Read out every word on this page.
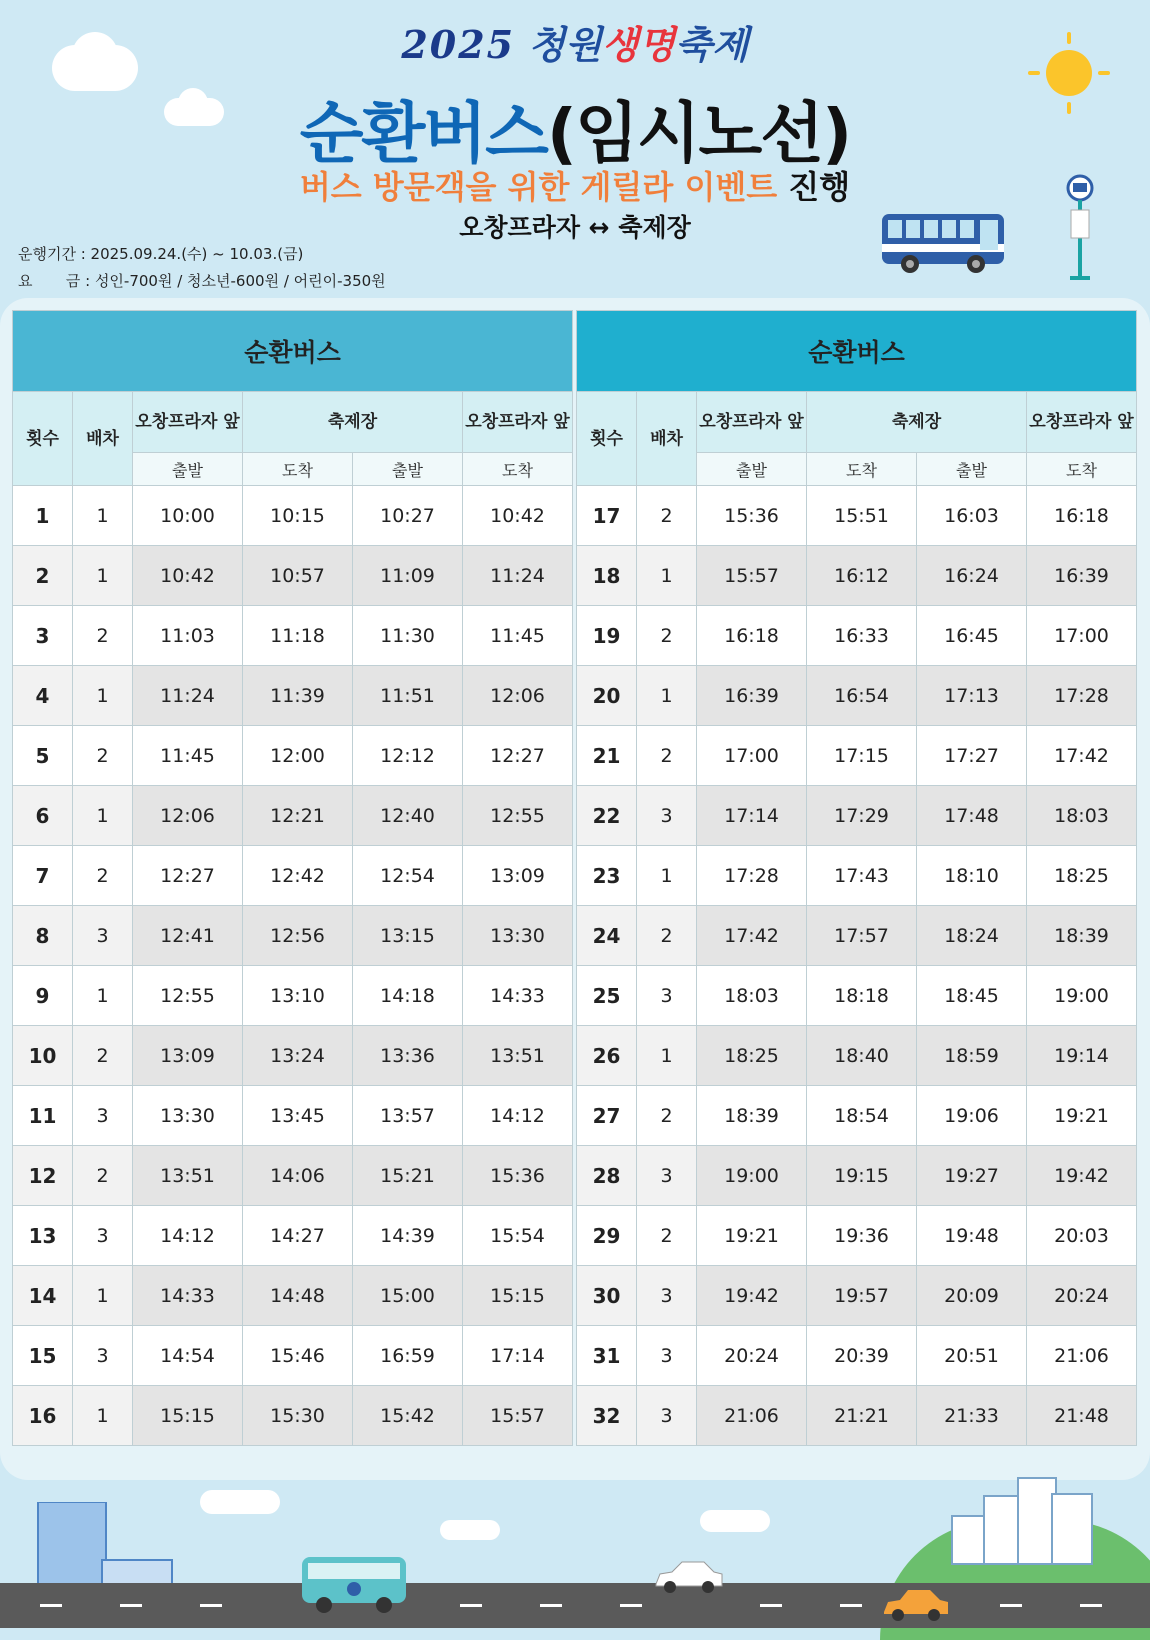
2025 청원생명축제
순환버스(임시노선)
버스 방문객을 위한 게릴라 이벤트 진행
오창프라자 ↔ 축제장
운행기간 : 2025.09.24.(수) ~ 10.03.(금)
요       금 : 성인-700원 / 청소년-600원 / 어린이-350원
순환버스					
횟수	배차	오창프라자 앞	축제장		오창프라자 앞
		출발	도착	출발	도착
1	1	10:00	10:15	10:27	10:42
2	1	10:42	10:57	11:09	11:24
3	2	11:03	11:18	11:30	11:45
4	1	11:24	11:39	11:51	12:06
5	2	11:45	12:00	12:12	12:27
6	1	12:06	12:21	12:40	12:55
7	2	12:27	12:42	12:54	13:09
8	3	12:41	12:56	13:15	13:30
9	1	12:55	13:10	14:18	14:33
10	2	13:09	13:24	13:36	13:51
11	3	13:30	13:45	13:57	14:12
12	2	13:51	14:06	15:21	15:36
13	3	14:12	14:27	14:39	15:54
14	1	14:33	14:48	15:00	15:15
15	3	14:54	15:46	16:59	17:14
16	1	15:15	15:30	15:42	15:57
순환버스					
횟수	배차	오창프라자 앞	축제장		오창프라자 앞
		출발	도착	출발	도착
17	2	15:36	15:51	16:03	16:18
18	1	15:57	16:12	16:24	16:39
19	2	16:18	16:33	16:45	17:00
20	1	16:39	16:54	17:13	17:28
21	2	17:00	17:15	17:27	17:42
22	3	17:14	17:29	17:48	18:03
23	1	17:28	17:43	18:10	18:25
24	2	17:42	17:57	18:24	18:39
25	3	18:03	18:18	18:45	19:00
26	1	18:25	18:40	18:59	19:14
27	2	18:39	18:54	19:06	19:21
28	3	19:00	19:15	19:27	19:42
29	2	19:21	19:36	19:48	20:03
30	3	19:42	19:57	20:09	20:24
31	3	20:24	20:39	20:51	21:06
32	3	21:06	21:21	21:33	21:48
